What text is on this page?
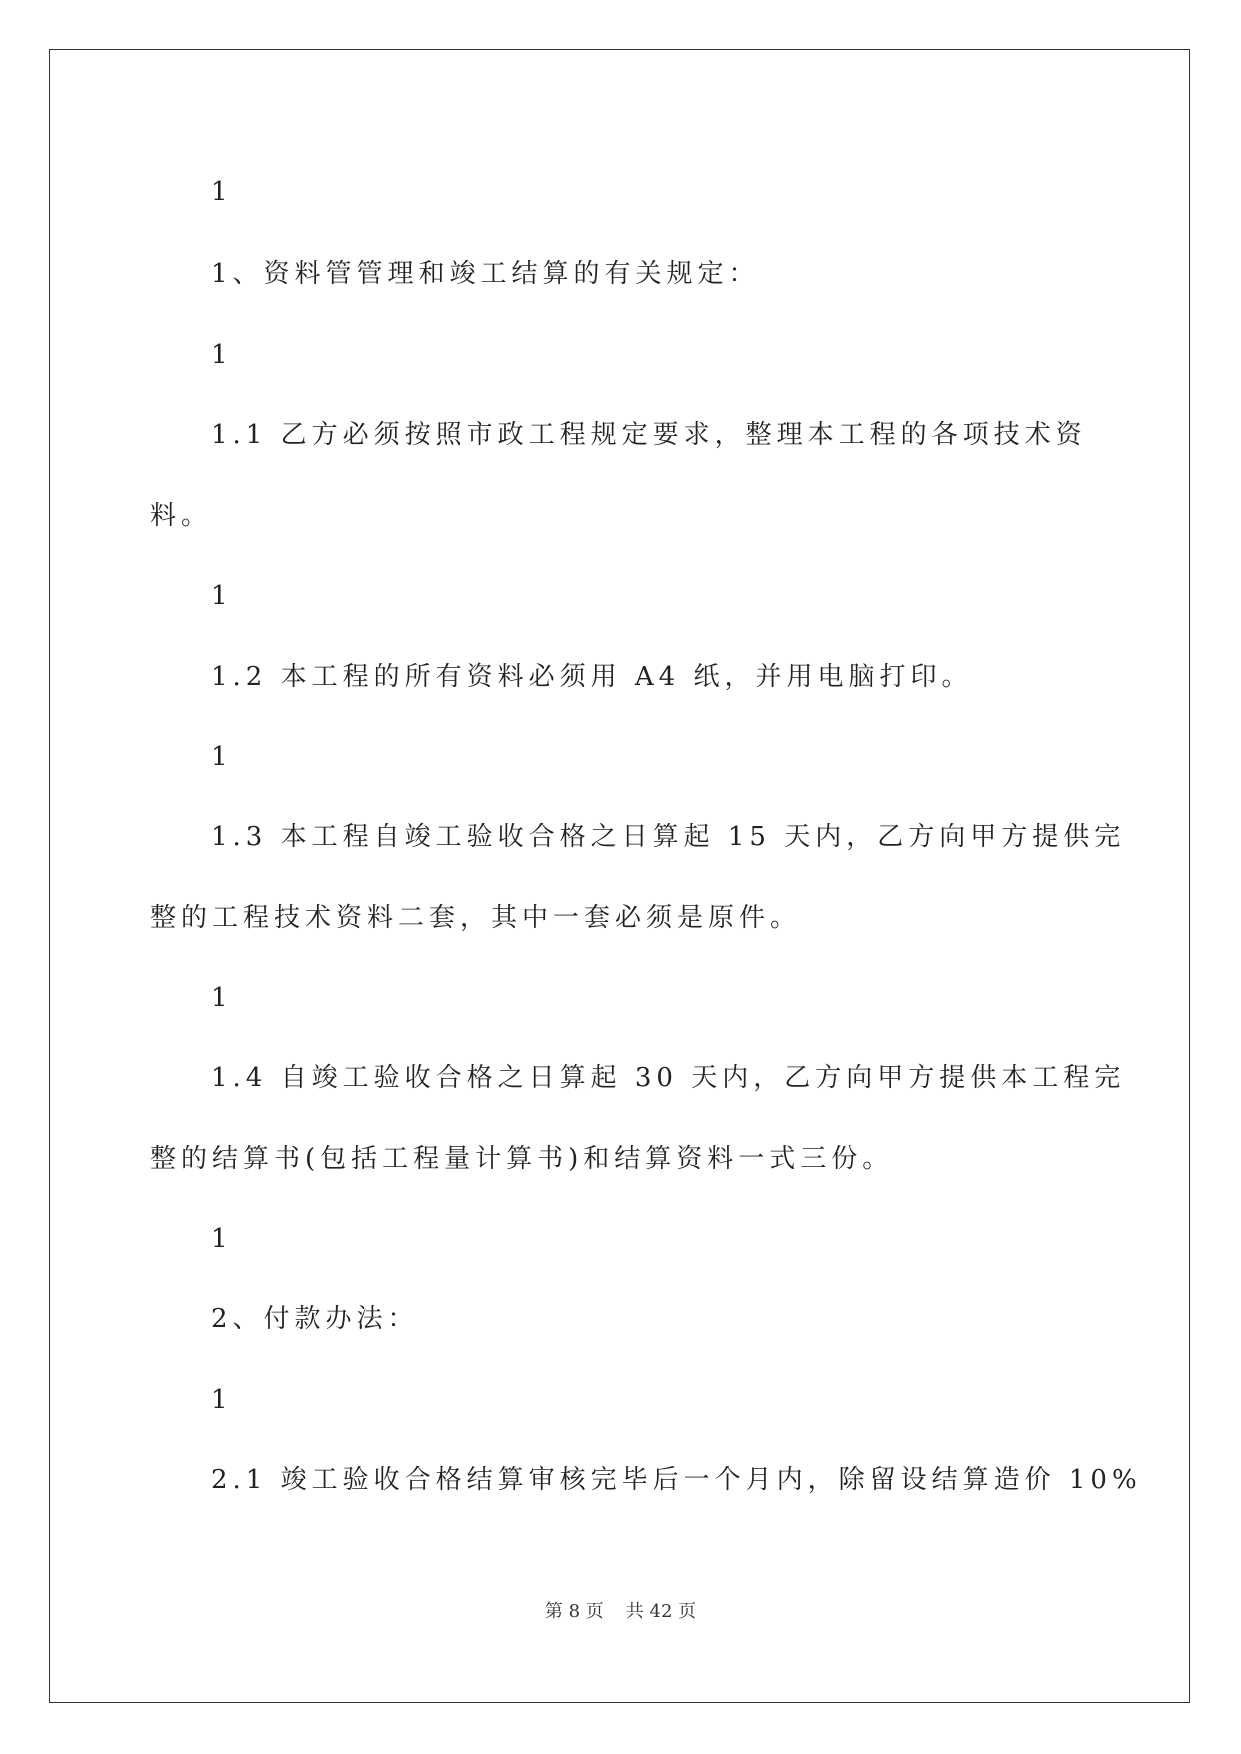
1
1、资料管管理和竣工结算的有关规定：
1
1.1 乙方必须按照市政工程规定要求，整理本工程的各项技术资
料。
1
1.2 本工程的所有资料必须用 A4 纸，并用电脑打印。
1
1.3 本工程自竣工验收合格之日算起 15 天内，乙方向甲方提供完
整的工程技术资料二套，其中一套必须是原件。
1
1.4 自竣工验收合格之日算起 30 天内，乙方向甲方提供本工程完
整的结算书(包括工程量计算书)和结算资料一式三份。
1
2、付款办法：
1
2.1 竣工验收合格结算审核完毕后一个月内，除留设结算造价 10%
第 8 页 共 42 页
